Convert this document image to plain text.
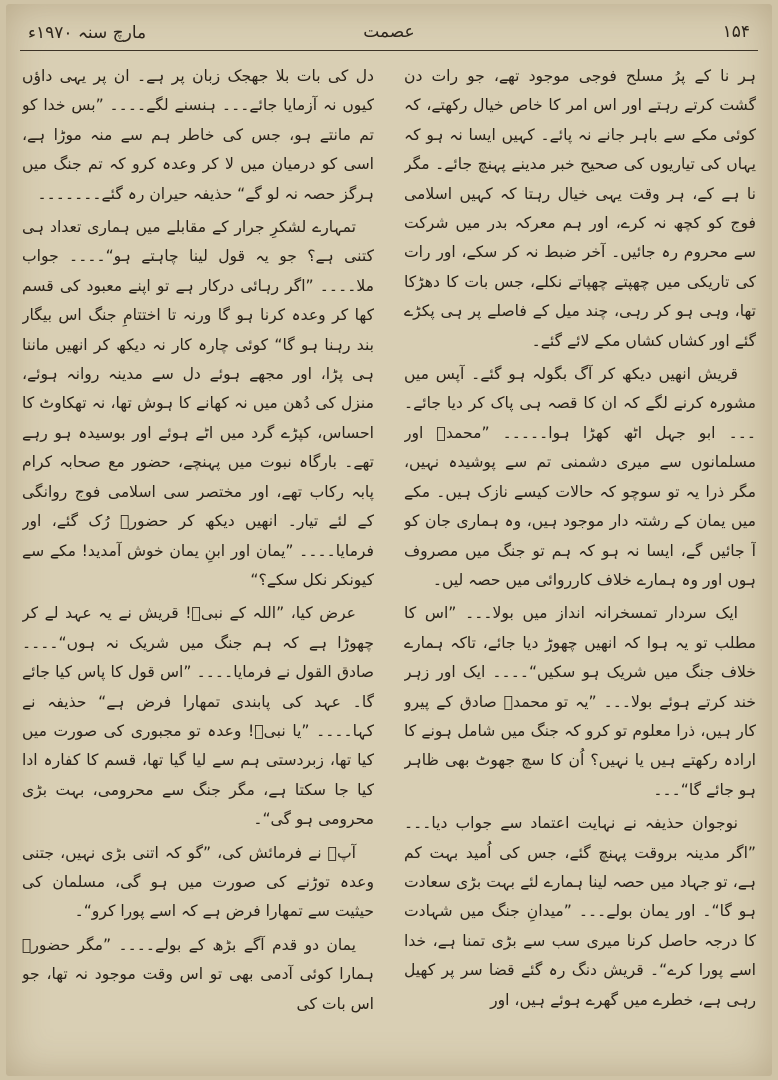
۱۵۴
عصمت
مارچ سنہ ۱۹۷۰ء

ہر نا کے پرُ مسلح فوجی موجود تھے، جو رات دن گشت کرتے رہتے اور اس امر کا خاص خیال رکھتے، کہ کوئی مکے سے باہر جانے نہ پائے۔ کہیں ایسا نہ ہو کہ یہاں کی تیاریوں کی صحیح خبر مدینے پہنچ جائے۔ مگر نا ہے کے، ہر وقت یہی خیال رہتا کہ کہیں اسلامی فوج کو کچھ نہ کرے، اور ہم معرکہ بدر میں شرکت سے محروم رہ جائیں۔ آخر ضبط نہ کر سکے، اور رات کی تاریکی میں چھپتے چھپاتے نکلے، جس بات کا دھڑکا تھا، وہی ہو کر رہی، چند میل کے فاصلے پر ہی پکڑے گئے اور کشاں کشاں مکے لائے گئے۔

قریش انھیں دیکھ کر آگ بگولہ ہو گئے۔ آپس میں مشورہ کرنے لگے کہ ان کا قصہ ہی پاک کر دیا جائے۔ ۔۔۔ ابو جہل اٹھ کھڑا ہوا۔۔۔۔۔ ”محمدؐ اور مسلمانوں سے میری دشمنی تم سے پوشیدہ نہیں، مگر ذرا یہ تو سوچو کہ حالات کیسے نازک ہیں۔ مکے میں یمان کے رشتہ دار موجود ہیں، وہ ہماری جان کو آ جائیں گے، ایسا نہ ہو کہ ہم تو جنگ میں مصروف ہوں اور وہ ہمارے خلاف کارروائی میں حصہ لیں۔

ایک سردار تمسخرانہ انداز میں بولا۔۔۔ ”اس کا مطلب تو یہ ہوا کہ انھیں چھوڑ دیا جائے، تاکہ ہمارے خلاف جنگ میں شریک ہو سکیں“۔۔۔۔ ایک اور زہر خند کرتے ہوئے بولا۔۔۔ ”یہ تو محمدؐ صادق کے پیرو کار ہیں، ذرا معلوم تو کرو کہ جنگ میں شامل ہونے کا ارادہ رکھتے ہیں یا نہیں؟ اُن کا سچ جھوٹ بھی ظاہر ہو جائے گا“۔۔۔

نوجوان حذیفہ نے نہایت اعتماد سے جواب دیا۔۔۔ ”اگر مدینہ بروقت پہنچ گئے، جس کی اُمید بہت کم ہے، تو جہاد میں حصہ لینا ہمارے لئے بہت بڑی سعادت ہو گا“۔ اور یمان بولے۔۔۔ ”میدانِ جنگ میں شہادت کا درجہ حاصل کرنا میری سب سے بڑی تمنا ہے، خدا اسے پورا کرے“۔ قریش دنگ رہ گئے قضا سر پر کھیل رہی ہے، خطرے میں گھرے ہوئے ہیں، اور

دل کی بات بلا جھجک زبان پر ہے۔ ان پر یہی داؤں کیوں نہ آزمایا جائے۔۔۔ ہنسنے لگے۔۔۔۔ ”بس خدا کو تم مانتے ہو، جس کی خاطر ہم سے منہ موڑا ہے، اسی کو درمیان میں لا کر وعدہ کرو کہ تم جنگ میں ہرگز حصہ نہ لو گے“ حذیفہ حیران رہ گئے۔۔۔۔۔۔۔

تمہارے لشکرِ جرار کے مقابلے میں ہماری تعداد ہی کتنی ہے؟ جو یہ قول لینا چاہتے ہو“۔۔۔۔ جواب ملا۔۔۔۔ ”اگر رہائی درکار ہے تو اپنے معبود کی قسم کھا کر وعدہ کرنا ہو گا ورنہ تا اختتامِ جنگ اس بیگار بند رہنا ہو گا“ کوئی چارہ کار نہ دیکھ کر انھیں ماننا ہی پڑا، اور مجھے ہوئے دل سے مدینہ روانہ ہوئے، منزل کی دُھن میں نہ کھانے کا ہوش تھا، نہ تھکاوٹ کا احساس، کپڑے گرد میں اٹے ہوئے اور بوسیدہ ہو رہے تھے۔ بارگاہ نبوت میں پہنچے، حضور مع صحابہ کرام پابہ رکاب تھے، اور مختصر سی اسلامی فوج روانگی کے لئے تیار۔ انھیں دیکھ کر حضورؐ رُک گئے، اور فرمایا۔۔۔۔ ”یمان اور ابنِ یمان خوش آمدید! مکے سے کیونکر نکل سکے؟“

عرض کیا، ”اللہ کے نبیؐ! قریش نے یہ عہد لے کر چھوڑا ہے کہ ہم جنگ میں شریک نہ ہوں“۔۔۔۔ صادق القول نے فرمایا۔۔۔۔ ”اس قول کا پاس کیا جائے گا۔ عہد کی پابندی تمھارا فرض ہے“ حذیفہ نے کہا۔۔۔۔ ”یا نبیؐ! وعدہ تو مجبوری کی صورت میں کیا تھا، زبردستی ہم سے لیا گیا تھا، قسم کا کفارہ ادا کیا جا سکتا ہے، مگر جنگ سے محرومی، بہت بڑی محرومی ہو گی“۔

آپؐ نے فرمائش کی، ”گو کہ اتنی بڑی نہیں، جتنی وعدہ توڑنے کی صورت میں ہو گی، مسلمان کی حیثیت سے تمھارا فرض ہے کہ اسے پورا کرو“۔

یمان دو قدم آگے بڑھ کے بولے۔۔۔۔ ”مگر حضورؐ ہمارا کوئی آدمی بھی تو اس وقت موجود نہ تھا، جو اس بات کی
